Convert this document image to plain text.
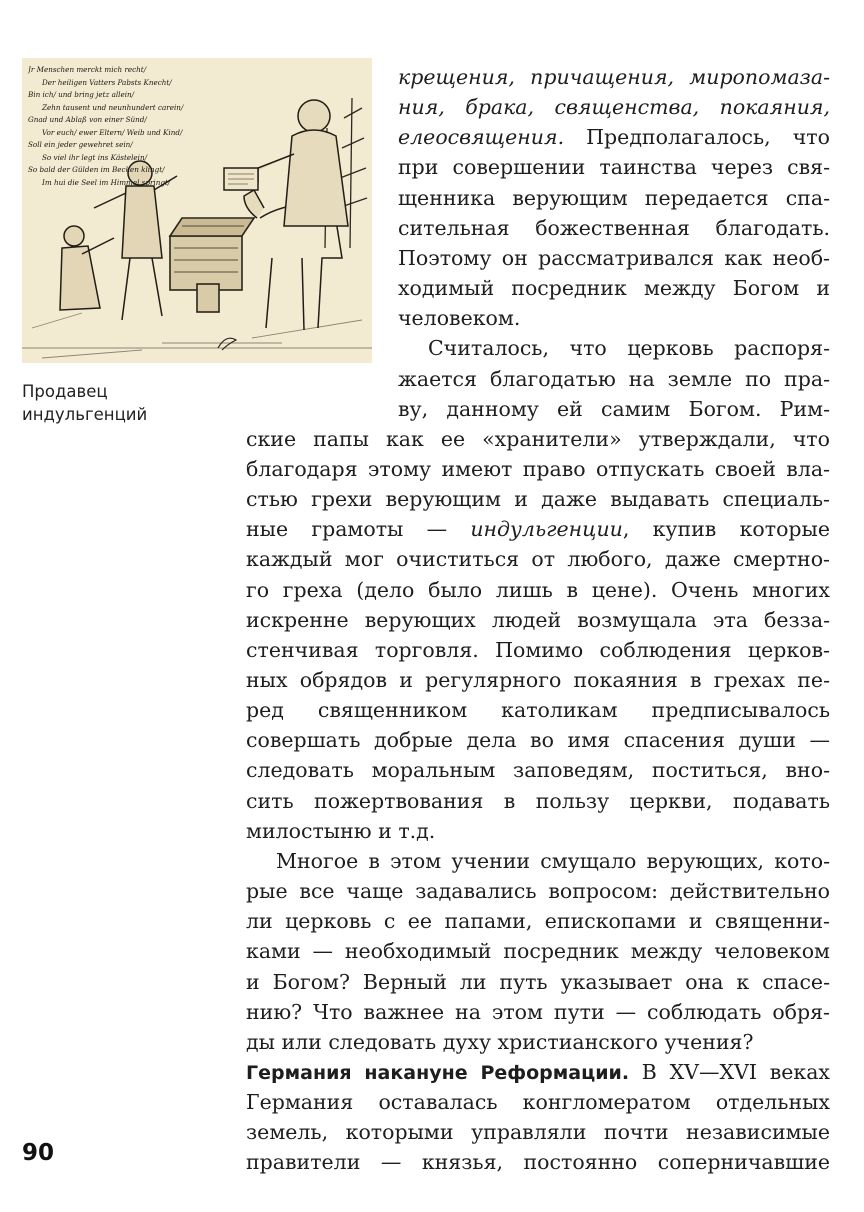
Jr Menschen merckt mich recht/
Der heiligen Vatters Pabsts Knecht/
Bin ich/ und bring jetz allein/
Zehn tausent und neunhundert carein/
Gnad und Ablaß von einer Sünd/
Vor euch/ ewer Eltern/ Weib und Kind/
Soll ein jeder gewehret sein/
So viel ihr legt ins Kästelein/
So bald der Gülden im Becken klingt/
Im hui die Seel im Himmel springt/
Продавец
индульгенций

крещения, причащения, миропомаза-

ния, брака, священства, покаяния,

елеосвящения. Предполагалось, что

при совершении таинства через свя-

щенника верующим передается спа-

сительная божественная благодать.

Поэтому он рассматривался как необ-

ходимый посредник между Богом и

человеком.

Считалось, что церковь распоря-

жается благодатью на земле по пра-

ву, данному ей самим Богом. Рим-

ские папы как ее «хранители» утверждали, что

благодаря этому имеют право отпускать своей вла-

стью грехи верующим и даже выдавать специаль-

ные грамоты — индульгенции, купив которые

каждый мог очиститься от любого, даже смертно-

го греха (дело было лишь в цене). Очень многих

искренне верующих людей возмущала эта безза-

стенчивая торговля. Помимо соблюдения церков-

ных обрядов и регулярного покаяния в грехах пе-

ред священником католикам предписывалось

совершать добрые дела во имя спасения души —

следовать моральным заповедям, поститься, вно-

сить пожертвования в пользу церкви, подавать

милостыню и т.д.

Многое в этом учении смущало верующих, кото-

рые все чаще задавались вопросом: действительно

ли церковь с ее папами, епископами и священни-

ками — необходимый посредник между человеком

и Богом? Верный ли путь указывает она к спасе-

нию? Что важнее на этом пути — соблюдать обря-

ды или следовать духу христианского учения?

Германия накануне Реформации. В XV—XVI веках

Германия оставалась конгломератом отдельных

земель, которыми управляли почти независимые

правители — князья, постоянно соперничавшие

90
